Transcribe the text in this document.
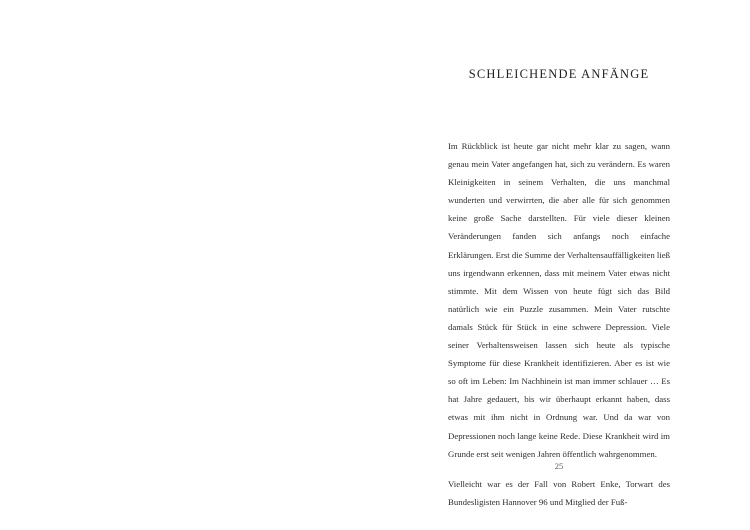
SCHLEICHENDE ANFÄNGE

Im Rückblick ist heute gar nicht mehr klar zu sagen, wann genau mein Vater angefangen hat, sich zu verändern. Es waren Kleinigkeiten in seinem Verhalten, die uns manchmal wunderten und verwirrten, die aber alle für sich genommen keine große Sache darstellten. Für viele dieser kleinen Veränderungen fanden sich anfangs noch einfache Erklärungen. Erst die Summe der Verhaltensauffälligkeiten ließ uns irgendwann erkennen, dass mit meinem Vater etwas nicht stimmte. Mit dem Wissen von heute fügt sich das Bild natürlich wie ein Puzzle zusammen. Mein Vater rutschte damals Stück für Stück in eine schwere Depression. Viele seiner Verhaltensweisen lassen sich heute als typische Symptome für diese Krankheit identifizieren. Aber es ist wie so oft im Leben: Im Nachhinein ist man immer schlauer … Es hat Jahre gedauert, bis wir überhaupt erkannt haben, dass etwas mit ihm nicht in Ordnung war. Und da war von Depressionen noch lange keine Rede. Diese Krankheit wird im Grunde erst seit wenigen Jahren öffentlich wahrgenommen.

Vielleicht war es der Fall von Robert Enke, Torwart des Bundesligisten Hannover 96 und Mitglied der Fuß-

25
